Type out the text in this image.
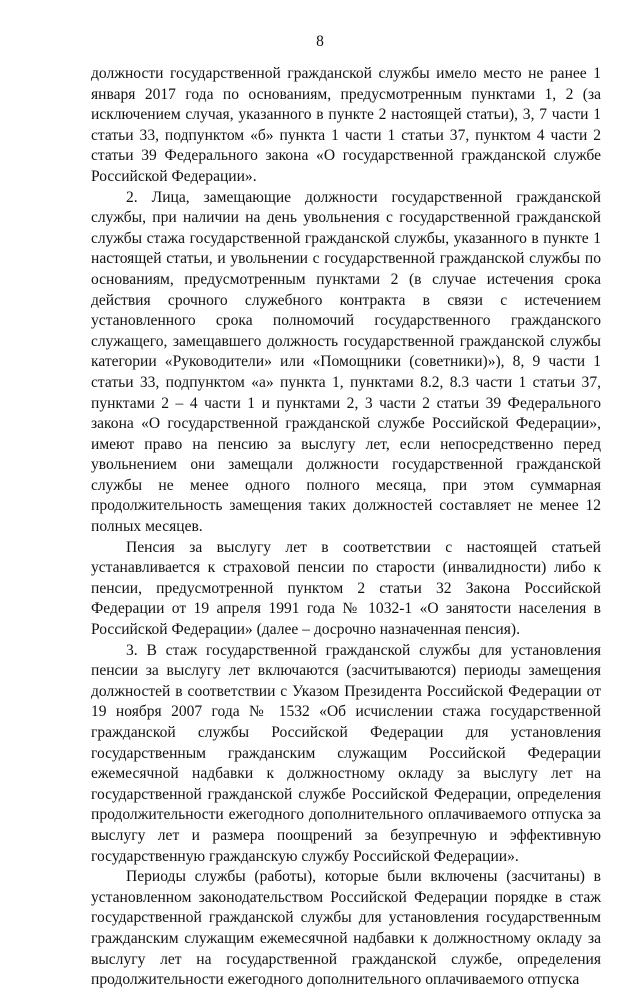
8

должности государственной гражданской службы имело место не ранее 1 января 2017 года по основаниям, предусмотренным пунктами 1, 2 (за исключением случая, указанного в пункте 2 настоящей статьи), 3, 7 части 1 статьи 33, подпунктом «б» пункта 1 части 1 статьи 37, пунктом 4 части 2 статьи 39 Федерального закона «О государственной гражданской службе Российской Федерации».

2. Лица, замещающие должности государственной гражданской службы, при наличии на день увольнения с государственной гражданской службы стажа государственной гражданской службы, указанного в пункте 1 настоящей статьи, и увольнении с государственной гражданской службы по основаниям, предусмотренным пунктами 2 (в случае истечения срока действия срочного служебного контракта в связи с истечением установленного срока полномочий государственного гражданского служащего, замещавшего должность государственной гражданской службы категории «Руководители» или «Помощники (советники)»), 8, 9 части 1 статьи 33, подпунктом «а» пункта 1, пунктами 8.2, 8.3 части 1 статьи 37, пунктами 2 – 4 части 1 и пунктами 2, 3 части 2 статьи 39 Федерального закона «О государственной гражданской службе Российской Федерации», имеют право на пенсию за выслугу лет, если непосредственно перед увольнением они замещали должности государственной гражданской службы не менее одного полного месяца, при этом суммарная продолжительность замещения таких должностей составляет не менее 12 полных месяцев.

Пенсия за выслугу лет в соответствии с настоящей статьей устанавливается к страховой пенсии по старости (инвалидности) либо к пенсии, предусмотренной пунктом 2 статьи 32 Закона Российской Федерации от 19 апреля 1991 года № 1032-1 «О занятости населения в Российской Федерации» (далее – досрочно назначенная пенсия).

3. В стаж государственной гражданской службы для установления пенсии за выслугу лет включаются (засчитываются) периоды замещения должностей в соответствии с Указом Президента Российской Федерации от 19 ноября 2007 года № 1532 «Об исчислении стажа государственной гражданской службы Российской Федерации для установления государственным гражданским служащим Российской Федерации ежемесячной надбавки к должностному окладу за выслугу лет на государственной гражданской службе Российской Федерации, определения продолжительности ежегодного дополнительного оплачиваемого отпуска за выслугу лет и размера поощрений за безупречную и эффективную государственную гражданскую службу Российской Федерации».

Периоды службы (работы), которые были включены (засчитаны) в установленном законодательством Российской Федерации порядке в стаж государственной гражданской службы для установления государственным гражданским служащим ежемесячной надбавки к должностному окладу за выслугу лет на государственной гражданской службе, определения продолжительности ежегодного дополнительного оплачиваемого отпуска
